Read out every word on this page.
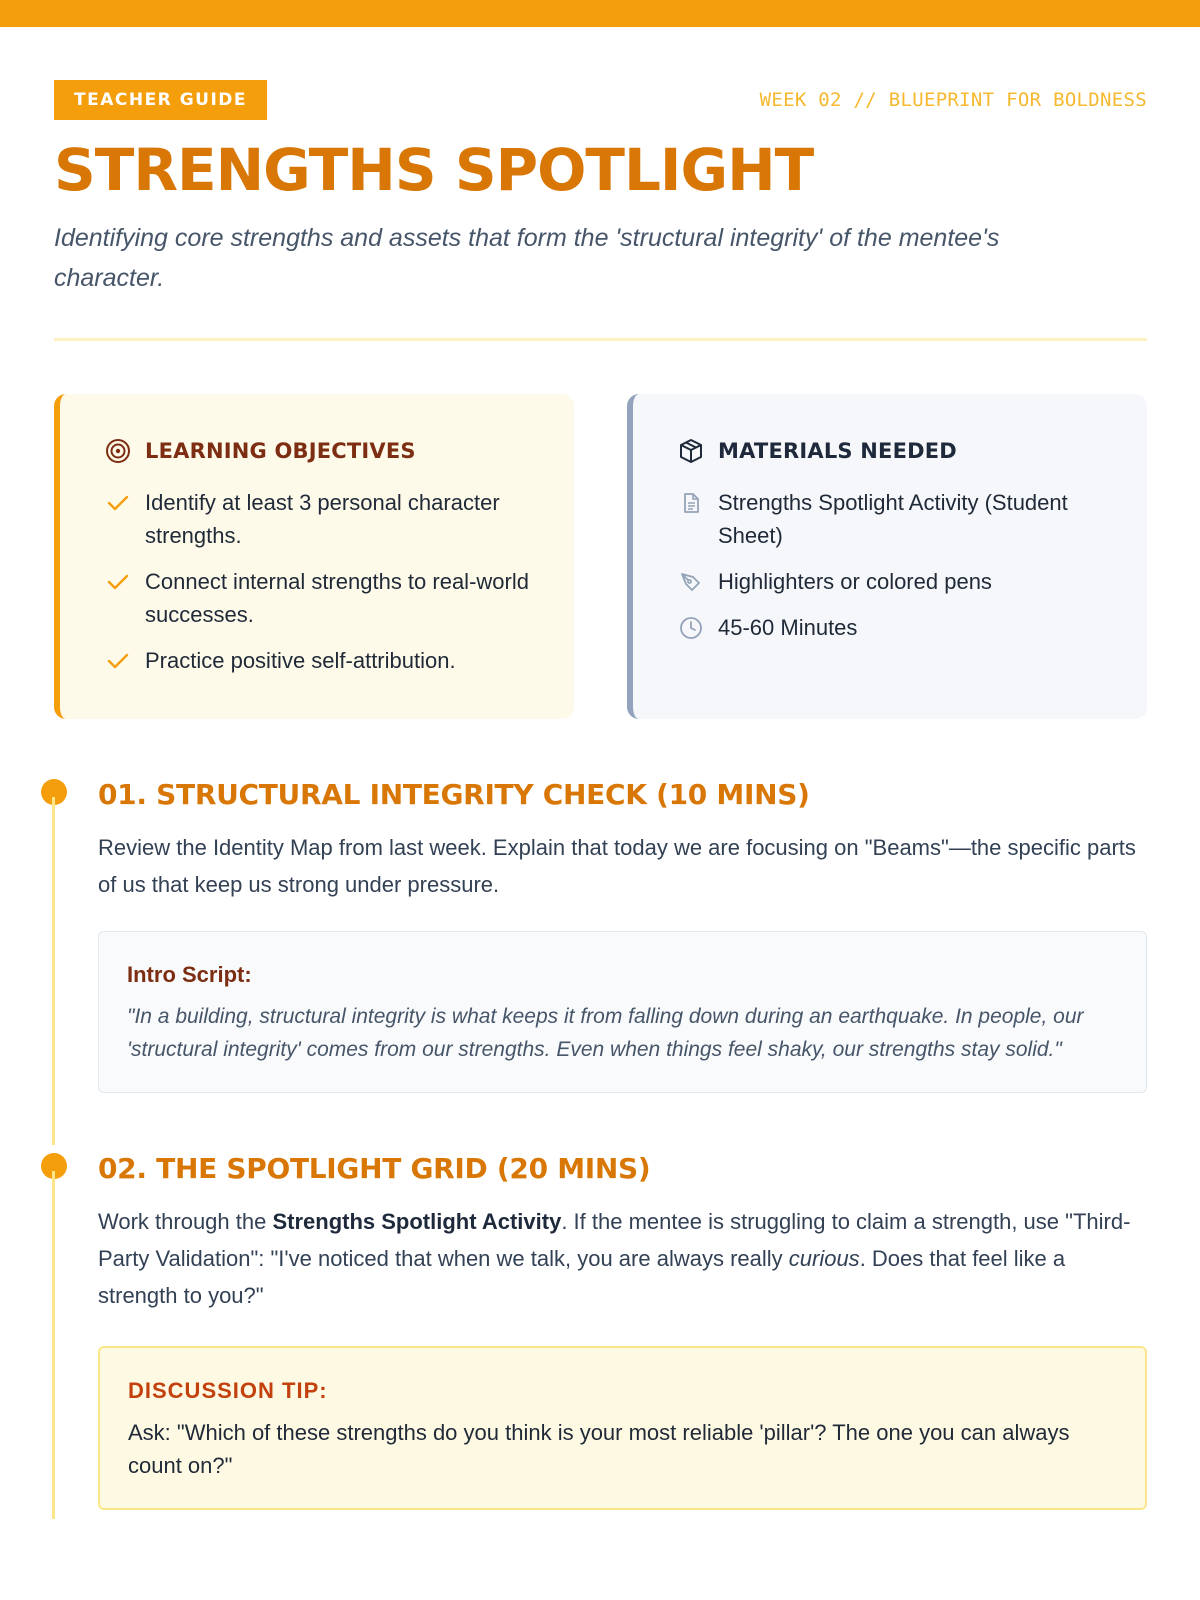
TEACHER GUIDE	WEEK 02 // BLUEPRINT FOR BOLDNESS
STRENGTHS SPOTLIGHT

Identifying core strengths and assets that form the 'structural integrity' of the mentee's character.

LEARNING OBJECTIVES
Identify at least 3 personal character strengths.
Connect internal strengths to real-world successes.
Practice positive self-attribution.
MATERIALS NEEDED
Strengths Spotlight Activity (Student Sheet)
Highlighters or colored pens
45-60 Minutes
01. STRUCTURAL INTEGRITY CHECK (10 MINS)

Review the Identity Map from last week. Explain that today we are focusing on "Beams"—the specific parts of us that keep us strong under pressure.

Intro Script:
"In a building, structural integrity is what keeps it from falling down during an earthquake. In people, our 'structural integrity' comes from our strengths. Even when things feel shaky, our strengths stay solid."
02. THE SPOTLIGHT GRID (20 MINS)

Work through the Strengths Spotlight Activity. If the mentee is struggling to claim a strength, use "Third-Party Validation": "I've noticed that when we talk, you are always really curious. Does that feel like a strength to you?"

DISCUSSION TIP:
Ask: "Which of these strengths do you think is your most reliable 'pillar'? The one you can always count on?"
